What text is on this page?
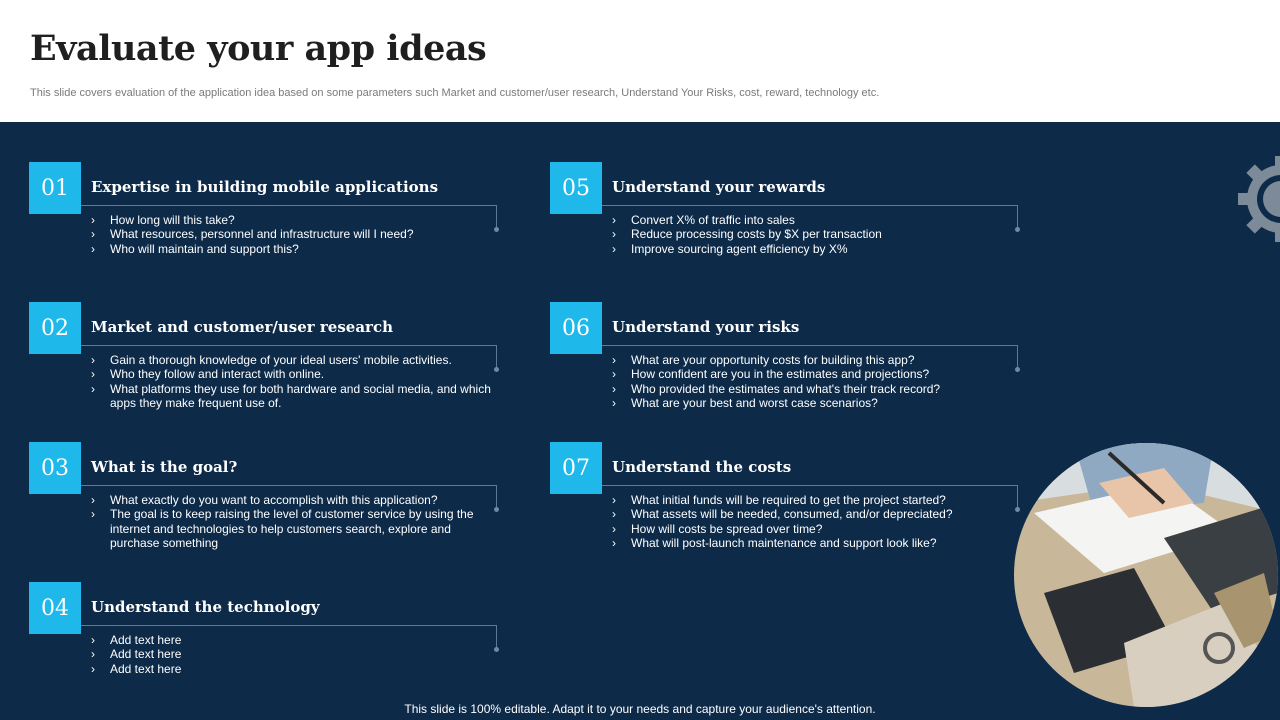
Evaluate your app ideas

This slide covers evaluation of the application idea based on some parameters such Market and customer/user research, Understand Your Risks, cost, reward, technology etc.

01	Expertise in building mobile applications
› How long will this take?
› What resources, personnel and infrastructure will I need?
› Who will maintain and support this?
02	Market and customer/user research
› Gain a thorough knowledge of your ideal users' mobile activities.
› Who they follow and interact with online.
› What platforms they use for both hardware and social media, and which apps they make frequent use of.
03	What is the goal?
› What exactly do you want to accomplish with this application?
› The goal is to keep raising the level of customer service by using the internet and technologies to help customers search, explore and purchase something
04	Understand the technology
› Add text here
› Add text here
› Add text here
05	Understand your rewards
› Convert X% of traffic into sales
› Reduce processing costs by $X per transaction
› Improve sourcing agent efficiency by X%
06	Understand your risks
› What are your opportunity costs for building this app?
› How confident are you in the estimates and projections?
› Who provided the estimates and what's their track record?
› What are your best and worst case scenarios?
07	Understand the costs
› What initial funds will be required to get the project started?
› What assets will be needed, consumed, and/or depreciated?
› How will costs be spread over time?
› What will post-launch maintenance and support look like?
This slide is 100% editable. Adapt it to your needs and capture your audience's attention.
